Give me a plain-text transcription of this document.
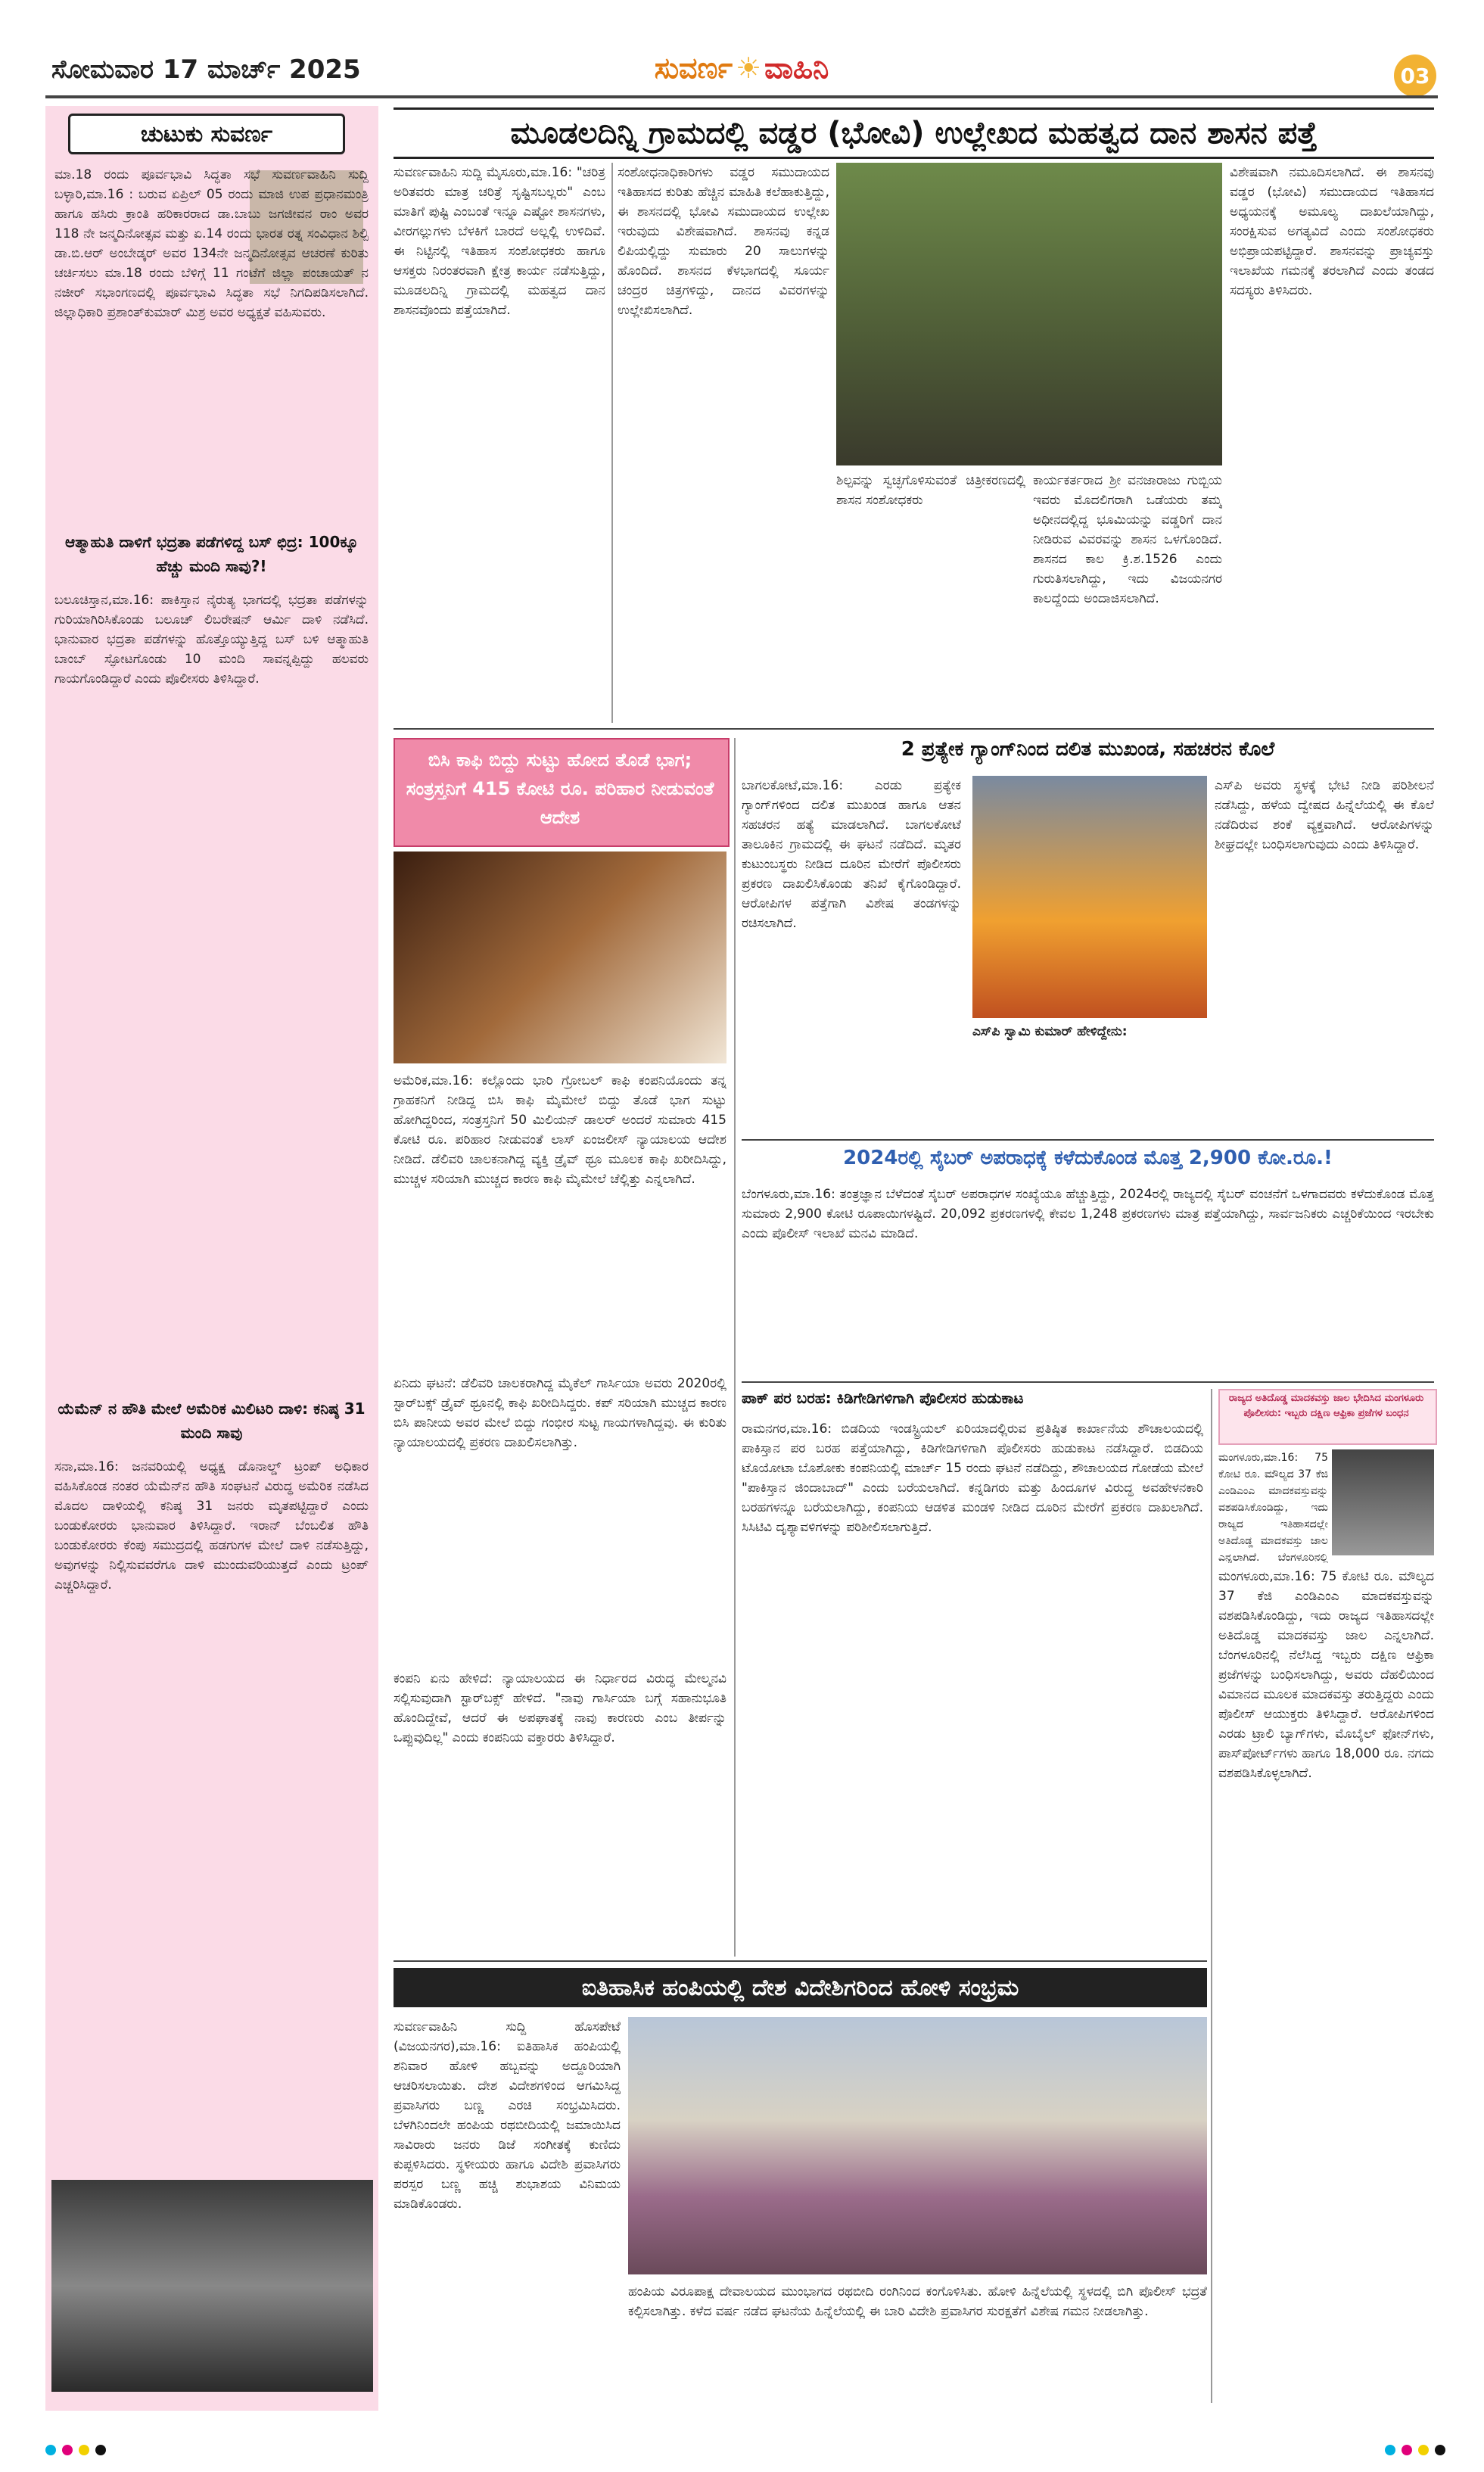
ಸೋಮವಾರ 17 ಮಾರ್ಚ್ 2025	ಸುವರ್ಣ ☀ ವಾಹಿನಿ	03
ಚುಟುಕು ಸುವರ್ಣ
ಮಾ.18 ರಂದು ಪೂರ್ವಭಾವಿ ಸಿದ್ಧತಾ ಸಭೆ ಸುವರ್ಣವಾಹಿನಿ ಸುದ್ದಿ ಬಳ್ಳಾರಿ,ಮಾ.16 : ಬರುವ ಏಪ್ರಿಲ್ 05 ರಂದು ಮಾಜಿ ಉಪ ಪ್ರಧಾನಮಂತ್ರಿ ಹಾಗೂ ಹಸಿರು ಕ್ರಾಂತಿ ಹರಿಕಾರರಾದ ಡಾ.ಬಾಬು ಜಗಜೀವನ ರಾಂ ಅವರ 118 ನೇ ಜನ್ಮದಿನೋತ್ಸವ ಮತ್ತು ಏ.14 ರಂದು ಭಾರತ ರತ್ನ ಸಂವಿಧಾನ ಶಿಲ್ಪಿ ಡಾ.ಬಿ.ಆರ್ ಅಂಬೇಡ್ಕರ್ ಅವರ 134ನೇ ಜನ್ಮದಿನೋತ್ಸವ ಆಚರಣೆ ಕುರಿತು ಚರ್ಚಿಸಲು ಮಾ.18 ರಂದು ಬೆಳಿಗ್ಗೆ 11 ಗಂಟೆಗೆ ಜಿಲ್ಲಾ ಪಂಚಾಯತ್ ನ ನಜೀರ್ ಸಭಾಂಗಣದಲ್ಲಿ ಪೂರ್ವಭಾವಿ ಸಿದ್ಧತಾ ಸಭೆ ನಿಗದಿಪಡಿಸಲಾಗಿದೆ. ಜಿಲ್ಲಾಧಿಕಾರಿ ಪ್ರಶಾಂತ್‌ಕುಮಾರ್ ಮಿಶ್ರ ಅವರ ಅಧ್ಯಕ್ಷತೆ ವಹಿಸುವರು.
ಆತ್ಮಾಹುತಿ ದಾಳಿಗೆ ಭದ್ರತಾ ಪಡೆಗಳಿದ್ದ ಬಸ್ ಛಿದ್ರ: 100ಕ್ಕೂ ಹೆಚ್ಚು ಮಂದಿ ಸಾವು?!
ಬಲೂಚಿಸ್ತಾನ,ಮಾ.16: ಪಾಕಿಸ್ತಾನ ನೈರುತ್ಯ ಭಾಗದಲ್ಲಿ ಭದ್ರತಾ ಪಡೆಗಳನ್ನು ಗುರಿಯಾಗಿರಿಸಿಕೊಂಡು ಬಲೂಚ್ ಲಿಬರೇಷನ್ ಆರ್ಮಿ ದಾಳಿ ನಡೆಸಿದೆ. ಭಾನುವಾರ ಭದ್ರತಾ ಪಡೆಗಳನ್ನು ಹೊತ್ತೊಯ್ಯುತ್ತಿದ್ದ ಬಸ್ ಬಳಿ ಆತ್ಮಾಹುತಿ ಬಾಂಬ್ ಸ್ಫೋಟಗೊಂಡು 10 ಮಂದಿ ಸಾವನ್ನಪ್ಪಿದ್ದು ಹಲವರು ಗಾಯಗೊಂಡಿದ್ದಾರೆ ಎಂದು ಪೊಲೀಸರು ತಿಳಿಸಿದ್ದಾರೆ.
ಯೆಮೆನ್ ನ ಹೌತಿ ಮೇಲೆ ಅಮೆರಿಕ ಮಿಲಿಟರಿ ದಾಳಿ: ಕನಿಷ್ಠ 31 ಮಂದಿ ಸಾವು
ಸನಾ,ಮಾ.16: ಜನವರಿಯಲ್ಲಿ ಅಧ್ಯಕ್ಷ ಡೊನಾಲ್ಡ್ ಟ್ರಂಪ್ ಅಧಿಕಾರ ವಹಿಸಿಕೊಂಡ ನಂತರ ಯೆಮೆನ್‌ನ ಹೌತಿ ಸಂಘಟನೆ ವಿರುದ್ಧ ಅಮೆರಿಕ ನಡೆಸಿದ ಮೊದಲ ದಾಳಿಯಲ್ಲಿ ಕನಿಷ್ಠ 31 ಜನರು ಮೃತಪಟ್ಟಿದ್ದಾರೆ ಎಂದು ಬಂಡುಕೋರರು ಭಾನುವಾರ ತಿಳಿಸಿದ್ದಾರೆ. ಇರಾನ್ ಬೆಂಬಲಿತ ಹೌತಿ ಬಂಡುಕೋರರು ಕೆಂಪು ಸಮುದ್ರದಲ್ಲಿ ಹಡಗುಗಳ ಮೇಲೆ ದಾಳಿ ನಡೆಸುತ್ತಿದ್ದು, ಅವುಗಳನ್ನು ನಿಲ್ಲಿಸುವವರೆಗೂ ದಾಳಿ ಮುಂದುವರಿಯುತ್ತದೆ ಎಂದು ಟ್ರಂಪ್ ಎಚ್ಚರಿಸಿದ್ದಾರೆ.
ಮೂಡಲದಿನ್ನಿ ಗ್ರಾಮದಲ್ಲಿ ವಡ್ಡರ (ಭೋವಿ) ಉಲ್ಲೇಖದ ಮಹತ್ವದ ದಾನ ಶಾಸನ ಪತ್ತೆ
ಸುವರ್ಣವಾಹಿನಿ ಸುದ್ದಿ ಮೈಸೂರು,ಮಾ.16: "ಚರಿತ್ರ ಅರಿತವರು ಮಾತ್ರ ಚರಿತ್ರೆ ಸೃಷ್ಟಿಸಬಲ್ಲರು" ಎಂಬ ಮಾತಿಗೆ ಪುಷ್ಟಿ ಎಂಬಂತೆ ಇನ್ನೂ ಎಷ್ಟೋ ಶಾಸನಗಳು, ವೀರಗಲ್ಲುಗಳು ಬೆಳಕಿಗೆ ಬಾರದೆ ಅಲ್ಲಲ್ಲಿ ಉಳಿದಿವೆ. ಈ ನಿಟ್ಟಿನಲ್ಲಿ ಇತಿಹಾಸ ಸಂಶೋಧಕರು ಹಾಗೂ ಆಸಕ್ತರು ನಿರಂತರವಾಗಿ ಕ್ಷೇತ್ರ ಕಾರ್ಯ ನಡೆಸುತ್ತಿದ್ದು, ಮೂಡಲದಿನ್ನಿ ಗ್ರಾಮದಲ್ಲಿ ಮಹತ್ವದ ದಾನ ಶಾಸನವೊಂದು ಪತ್ತೆಯಾಗಿದೆ.
ಸಂಶೋಧನಾಧಿಕಾರಿಗಳು ವಡ್ಡರ ಸಮುದಾಯದ ಇತಿಹಾಸದ ಕುರಿತು ಹೆಚ್ಚಿನ ಮಾಹಿತಿ ಕಲೆಹಾಕುತ್ತಿದ್ದು, ಈ ಶಾಸನದಲ್ಲಿ ಭೋವಿ ಸಮುದಾಯದ ಉಲ್ಲೇಖ ಇರುವುದು ವಿಶೇಷವಾಗಿದೆ. ಶಾಸನವು ಕನ್ನಡ ಲಿಪಿಯಲ್ಲಿದ್ದು ಸುಮಾರು 20 ಸಾಲುಗಳನ್ನು ಹೊಂದಿದೆ. ಶಾಸನದ ಕೆಳಭಾಗದಲ್ಲಿ ಸೂರ್ಯ ಚಂದ್ರರ ಚಿತ್ರಗಳಿದ್ದು, ದಾನದ ವಿವರಗಳನ್ನು ಉಲ್ಲೇಖಿಸಲಾಗಿದೆ.
ಶಿಲ್ಪವನ್ನು ಸ್ವಚ್ಛಗೊಳಿಸುವಂತೆ ಚಿತ್ರೀಕರಣದಲ್ಲಿ ಶಾಸನ ಸಂಶೋಧಕರು
ಕಾರ್ಯಕರ್ತರಾದ ಶ್ರೀ ವನಜಾರಾಜು ಗುಬ್ಬಿಯ ಇವರು ಮೊದಲಿಗರಾಗಿ ಒಡೆಯರು ತಮ್ಮ ಅಧೀನದಲ್ಲಿದ್ದ ಭೂಮಿಯನ್ನು ವಡ್ಡರಿಗೆ ದಾನ ನೀಡಿರುವ ವಿವರವನ್ನು ಶಾಸನ ಒಳಗೊಂಡಿದೆ. ಶಾಸನದ ಕಾಲ ಕ್ರಿ.ಶ.1526 ಎಂದು ಗುರುತಿಸಲಾಗಿದ್ದು, ಇದು ವಿಜಯನಗರ ಕಾಲದ್ದೆಂದು ಅಂದಾಜಿಸಲಾಗಿದೆ.
ವಿಶೇಷವಾಗಿ ನಮೂದಿಸಲಾಗಿದೆ. ಈ ಶಾಸನವು ವಡ್ಡರ (ಭೋವಿ) ಸಮುದಾಯದ ಇತಿಹಾಸದ ಅಧ್ಯಯನಕ್ಕೆ ಅಮೂಲ್ಯ ದಾಖಲೆಯಾಗಿದ್ದು, ಸಂರಕ್ಷಿಸುವ ಅಗತ್ಯವಿದೆ ಎಂದು ಸಂಶೋಧಕರು ಅಭಿಪ್ರಾಯಪಟ್ಟಿದ್ದಾರೆ. ಶಾಸನವನ್ನು ಪ್ರಾಚ್ಯವಸ್ತು ಇಲಾಖೆಯ ಗಮನಕ್ಕೆ ತರಲಾಗಿದೆ ಎಂದು ತಂಡದ ಸದಸ್ಯರು ತಿಳಿಸಿದರು.
ಬಿಸಿ ಕಾಫಿ ಬಿದ್ದು ಸುಟ್ಟು ಹೋದ ತೊಡೆ ಭಾಗ; ಸಂತ್ರಸ್ತನಿಗೆ 415 ಕೋಟಿ ರೂ. ಪರಿಹಾರ ನೀಡುವಂತೆ ಆದೇಶ
ಅಮೆರಿಕ,ಮಾ.16: ಕಲ್ಲೊಂದು ಭಾರಿ ಗ್ರೋಬಲ್ ಕಾಫಿ ಕಂಪನಿಯೊಂದು ತನ್ನ ಗ್ರಾಹಕನಿಗೆ ನೀಡಿದ್ದ ಬಿಸಿ ಕಾಫಿ ಮೈಮೇಲೆ ಬಿದ್ದು ತೊಡೆ ಭಾಗ ಸುಟ್ಟು ಹೋಗಿದ್ದರಿಂದ, ಸಂತ್ರಸ್ತನಿಗೆ 50 ಮಿಲಿಯನ್ ಡಾಲರ್ ಅಂದರೆ ಸುಮಾರು 415 ಕೋಟಿ ರೂ. ಪರಿಹಾರ ನೀಡುವಂತೆ ಲಾಸ್ ಏಂಜಲೀಸ್ ನ್ಯಾಯಾಲಯ ಆದೇಶ ನೀಡಿದೆ. ಡೆಲಿವರಿ ಚಾಲಕನಾಗಿದ್ದ ವ್ಯಕ್ತಿ ಡ್ರೈವ್ ಥ್ರೂ ಮೂಲಕ ಕಾಫಿ ಖರೀದಿಸಿದ್ದು, ಮುಚ್ಚಳ ಸರಿಯಾಗಿ ಮುಚ್ಚದ ಕಾರಣ ಕಾಫಿ ಮೈಮೇಲೆ ಚೆಲ್ಲಿತ್ತು ಎನ್ನಲಾಗಿದೆ.
ಏನಿದು ಘಟನೆ: ಡೆಲಿವರಿ ಚಾಲಕರಾಗಿದ್ದ ಮೈಕೆಲ್ ಗಾರ್ಸಿಯಾ ಅವರು 2020ರಲ್ಲಿ ಸ್ಟಾರ್‌ಬಕ್ಸ್ ಡ್ರೈವ್ ಥ್ರೂನಲ್ಲಿ ಕಾಫಿ ಖರೀದಿಸಿದ್ದರು. ಕಪ್ ಸರಿಯಾಗಿ ಮುಚ್ಚದ ಕಾರಣ ಬಿಸಿ ಪಾನೀಯ ಅವರ ಮೇಲೆ ಬಿದ್ದು ಗಂಭೀರ ಸುಟ್ಟ ಗಾಯಗಳಾಗಿದ್ದವು. ಈ ಕುರಿತು ನ್ಯಾಯಾಲಯದಲ್ಲಿ ಪ್ರಕರಣ ದಾಖಲಿಸಲಾಗಿತ್ತು.
ಕಂಪನಿ ಏನು ಹೇಳಿದೆ: ನ್ಯಾಯಾಲಯದ ಈ ನಿರ್ಧಾರದ ವಿರುದ್ಧ ಮೇಲ್ಮನವಿ ಸಲ್ಲಿಸುವುದಾಗಿ ಸ್ಟಾರ್‌ಬಕ್ಸ್ ಹೇಳಿದೆ. "ನಾವು ಗಾರ್ಸಿಯಾ ಬಗ್ಗೆ ಸಹಾನುಭೂತಿ ಹೊಂದಿದ್ದೇವೆ, ಆದರೆ ಈ ಅಪಘಾತಕ್ಕೆ ನಾವು ಕಾರಣರು ಎಂಬ ತೀರ್ಪನ್ನು ಒಪ್ಪುವುದಿಲ್ಲ" ಎಂದು ಕಂಪನಿಯ ವಕ್ತಾರರು ತಿಳಿಸಿದ್ದಾರೆ.
2 ಪ್ರತ್ಯೇಕ ಗ್ಯಾಂಗ್‌ನಿಂದ ದಲಿತ ಮುಖಂಡ, ಸಹಚರನ ಕೊಲೆ
ಬಾಗಲಕೋಟೆ,ಮಾ.16: ಎರಡು ಪ್ರತ್ಯೇಕ ಗ್ಯಾಂಗ್‌ಗಳಿಂದ ದಲಿತ ಮುಖಂಡ ಹಾಗೂ ಆತನ ಸಹಚರನ ಹತ್ಯೆ ಮಾಡಲಾಗಿದೆ. ಬಾಗಲಕೋಟೆ ತಾಲೂಕಿನ ಗ್ರಾಮದಲ್ಲಿ ಈ ಘಟನೆ ನಡೆದಿದೆ. ಮೃತರ ಕುಟುಂಬಸ್ಥರು ನೀಡಿದ ದೂರಿನ ಮೇರೆಗೆ ಪೊಲೀಸರು ಪ್ರಕರಣ ದಾಖಲಿಸಿಕೊಂಡು ತನಿಖೆ ಕೈಗೊಂಡಿದ್ದಾರೆ. ಆರೋಪಿಗಳ ಪತ್ತೆಗಾಗಿ ವಿಶೇಷ ತಂಡಗಳನ್ನು ರಚಿಸಲಾಗಿದೆ.
ಎಸ್‌ಪಿ ಸ್ವಾಮಿ ಕುಮಾರ್ ಹೇಳಿದ್ದೇನು:
ಎಸ್‌ಪಿ ಅವರು ಸ್ಥಳಕ್ಕೆ ಭೇಟಿ ನೀಡಿ ಪರಿಶೀಲನೆ ನಡೆಸಿದ್ದು, ಹಳೆಯ ದ್ವೇಷದ ಹಿನ್ನೆಲೆಯಲ್ಲಿ ಈ ಕೊಲೆ ನಡೆದಿರುವ ಶಂಕೆ ವ್ಯಕ್ತವಾಗಿದೆ. ಆರೋಪಿಗಳನ್ನು ಶೀಘ್ರದಲ್ಲೇ ಬಂಧಿಸಲಾಗುವುದು ಎಂದು ತಿಳಿಸಿದ್ದಾರೆ.
2024ರಲ್ಲಿ ಸೈಬರ್ ಅಪರಾಧಕ್ಕೆ ಕಳೆದುಕೊಂಡ ಮೊತ್ತ 2,900 ಕೋ.ರೂ.!
ಬೆಂಗಳೂರು,ಮಾ.16: ತಂತ್ರಜ್ಞಾನ ಬೆಳೆದಂತೆ ಸೈಬರ್ ಅಪರಾಧಗಳ ಸಂಖ್ಯೆಯೂ ಹೆಚ್ಚುತ್ತಿದ್ದು, 2024ರಲ್ಲಿ ರಾಜ್ಯದಲ್ಲಿ ಸೈಬರ್ ವಂಚನೆಗೆ ಒಳಗಾದವರು ಕಳೆದುಕೊಂಡ ಮೊತ್ತ ಸುಮಾರು 2,900 ಕೋಟಿ ರೂಪಾಯಿಗಳಷ್ಟಿದೆ. 20,092 ಪ್ರಕರಣಗಳಲ್ಲಿ ಕೇವಲ 1,248 ಪ್ರಕರಣಗಳು ಮಾತ್ರ ಪತ್ತೆಯಾಗಿದ್ದು, ಸಾರ್ವಜನಿಕರು ಎಚ್ಚರಿಕೆಯಿಂದ ಇರಬೇಕು ಎಂದು ಪೊಲೀಸ್ ಇಲಾಖೆ ಮನವಿ ಮಾಡಿದೆ.
ಪಾಕ್ ಪರ ಬರಹ: ಕಿಡಿಗೇಡಿಗಳಿಗಾಗಿ ಪೊಲೀಸರ ಹುಡುಕಾಟ
ರಾಮನಗರ,ಮಾ.16: ಬಿಡದಿಯ ಇಂಡಸ್ಟ್ರಿಯಲ್ ಏರಿಯಾದಲ್ಲಿರುವ ಪ್ರತಿಷ್ಠಿತ ಕಾರ್ಖಾನೆಯ ಶೌಚಾಲಯದಲ್ಲಿ ಪಾಕಿಸ್ತಾನ ಪರ ಬರಹ ಪತ್ತೆಯಾಗಿದ್ದು, ಕಿಡಿಗೇಡಿಗಳಿಗಾಗಿ ಪೊಲೀಸರು ಹುಡುಕಾಟ ನಡೆಸಿದ್ದಾರೆ. ಬಿಡದಿಯ ಟೊಯೋಟಾ ಬೊಶೋಕು ಕಂಪನಿಯಲ್ಲಿ ಮಾರ್ಚ್ 15 ರಂದು ಘಟನೆ ನಡೆದಿದ್ದು, ಶೌಚಾಲಯದ ಗೋಡೆಯ ಮೇಲೆ "ಪಾಕಿಸ್ತಾನ ಜಿಂದಾಬಾದ್" ಎಂದು ಬರೆಯಲಾಗಿದೆ. ಕನ್ನಡಿಗರು ಮತ್ತು ಹಿಂದೂಗಳ ವಿರುದ್ಧ ಅವಹೇಳನಕಾರಿ ಬರಹಗಳನ್ನೂ ಬರೆಯಲಾಗಿದ್ದು, ಕಂಪನಿಯ ಆಡಳಿತ ಮಂಡಳಿ ನೀಡಿದ ದೂರಿನ ಮೇರೆಗೆ ಪ್ರಕರಣ ದಾಖಲಾಗಿದೆ. ಸಿಸಿಟಿವಿ ದೃಶ್ಯಾವಳಿಗಳನ್ನು ಪರಿಶೀಲಿಸಲಾಗುತ್ತಿದೆ.
ರಾಜ್ಯದ ಅತಿದೊಡ್ಡ ಮಾದಕವಸ್ತು ಜಾಲ ಭೇದಿಸಿದ ಮಂಗಳೂರು ಪೊಲೀಸರು: ಇಬ್ಬರು ದಕ್ಷಿಣ ಆಫ್ರಿಕಾ ಪ್ರಜೆಗಳ ಬಂಧನ
ಮಂಗಳೂರು,ಮಾ.16: 75 ಕೋಟಿ ರೂ. ಮೌಲ್ಯದ 37 ಕೆಜಿ ಎಂಡಿಎಂಎ ಮಾದಕವಸ್ತುವನ್ನು ವಶಪಡಿಸಿಕೊಂಡಿದ್ದು, ಇದು ರಾಜ್ಯದ ಇತಿಹಾಸದಲ್ಲೇ ಅತಿದೊಡ್ಡ ಮಾದಕವಸ್ತು ಜಾಲ ಎನ್ನಲಾಗಿದೆ. ಬೆಂಗಳೂರಿನಲ್ಲಿ
ಮಂಗಳೂರು,ಮಾ.16: 75 ಕೋಟಿ ರೂ. ಮೌಲ್ಯದ 37 ಕೆಜಿ ಎಂಡಿಎಂಎ ಮಾದಕವಸ್ತುವನ್ನು ವಶಪಡಿಸಿಕೊಂಡಿದ್ದು, ಇದು ರಾಜ್ಯದ ಇತಿಹಾಸದಲ್ಲೇ ಅತಿದೊಡ್ಡ ಮಾದಕವಸ್ತು ಜಾಲ ಎನ್ನಲಾಗಿದೆ. ಬೆಂಗಳೂರಿನಲ್ಲಿ ನೆಲೆಸಿದ್ದ ಇಬ್ಬರು ದಕ್ಷಿಣ ಆಫ್ರಿಕಾ ಪ್ರಜೆಗಳನ್ನು ಬಂಧಿಸಲಾಗಿದ್ದು, ಅವರು ದೆಹಲಿಯಿಂದ ವಿಮಾನದ ಮೂಲಕ ಮಾದಕವಸ್ತು ತರುತ್ತಿದ್ದರು ಎಂದು ಪೊಲೀಸ್ ಆಯುಕ್ತರು ತಿಳಿಸಿದ್ದಾರೆ. ಆರೋಪಿಗಳಿಂದ ಎರಡು ಟ್ರಾಲಿ ಬ್ಯಾಗ್‌ಗಳು, ಮೊಬೈಲ್ ಫೋನ್‌ಗಳು, ಪಾಸ್‌ಪೋರ್ಟ್‌ಗಳು ಹಾಗೂ 18,000 ರೂ. ನಗದು ವಶಪಡಿಸಿಕೊಳ್ಳಲಾಗಿದೆ.
ಐತಿಹಾಸಿಕ ಹಂಪಿಯಲ್ಲಿ ದೇಶ ವಿದೇಶಿಗರಿಂದ ಹೋಳಿ ಸಂಭ್ರಮ
ಸುವರ್ಣವಾಹಿನಿ ಸುದ್ದಿ ಹೊಸಪೇಟೆ (ವಿಜಯನಗರ),ಮಾ.16: ಐತಿಹಾಸಿಕ ಹಂಪಿಯಲ್ಲಿ ಶನಿವಾರ ಹೋಳಿ ಹಬ್ಬವನ್ನು ಅದ್ದೂರಿಯಾಗಿ ಆಚರಿಸಲಾಯಿತು. ದೇಶ ವಿದೇಶಗಳಿಂದ ಆಗಮಿಸಿದ್ದ ಪ್ರವಾಸಿಗರು ಬಣ್ಣ ಎರಚಿ ಸಂಭ್ರಮಿಸಿದರು. ಬೆಳಗಿನಿಂದಲೇ ಹಂಪಿಯ ರಥಬೀದಿಯಲ್ಲಿ ಜಮಾಯಿಸಿದ ಸಾವಿರಾರು ಜನರು ಡಿಜೆ ಸಂಗೀತಕ್ಕೆ ಕುಣಿದು ಕುಪ್ಪಳಿಸಿದರು. ಸ್ಥಳೀಯರು ಹಾಗೂ ವಿದೇಶಿ ಪ್ರವಾಸಿಗರು ಪರಸ್ಪರ ಬಣ್ಣ ಹಚ್ಚಿ ಶುಭಾಶಯ ವಿನಿಮಯ ಮಾಡಿಕೊಂಡರು.
ಹಂಪಿಯ ವಿರೂಪಾಕ್ಷ ದೇವಾಲಯದ ಮುಂಭಾಗದ ರಥಬೀದಿ ರಂಗಿನಿಂದ ಕಂಗೊಳಿಸಿತು. ಹೋಳಿ ಹಿನ್ನೆಲೆಯಲ್ಲಿ ಸ್ಥಳದಲ್ಲಿ ಬಿಗಿ ಪೊಲೀಸ್ ಭದ್ರತೆ ಕಲ್ಪಿಸಲಾಗಿತ್ತು. ಕಳೆದ ವರ್ಷ ನಡೆದ ಘಟನೆಯ ಹಿನ್ನೆಲೆಯಲ್ಲಿ ಈ ಬಾರಿ ವಿದೇಶಿ ಪ್ರವಾಸಿಗರ ಸುರಕ್ಷತೆಗೆ ವಿಶೇಷ ಗಮನ ನೀಡಲಾಗಿತ್ತು.
